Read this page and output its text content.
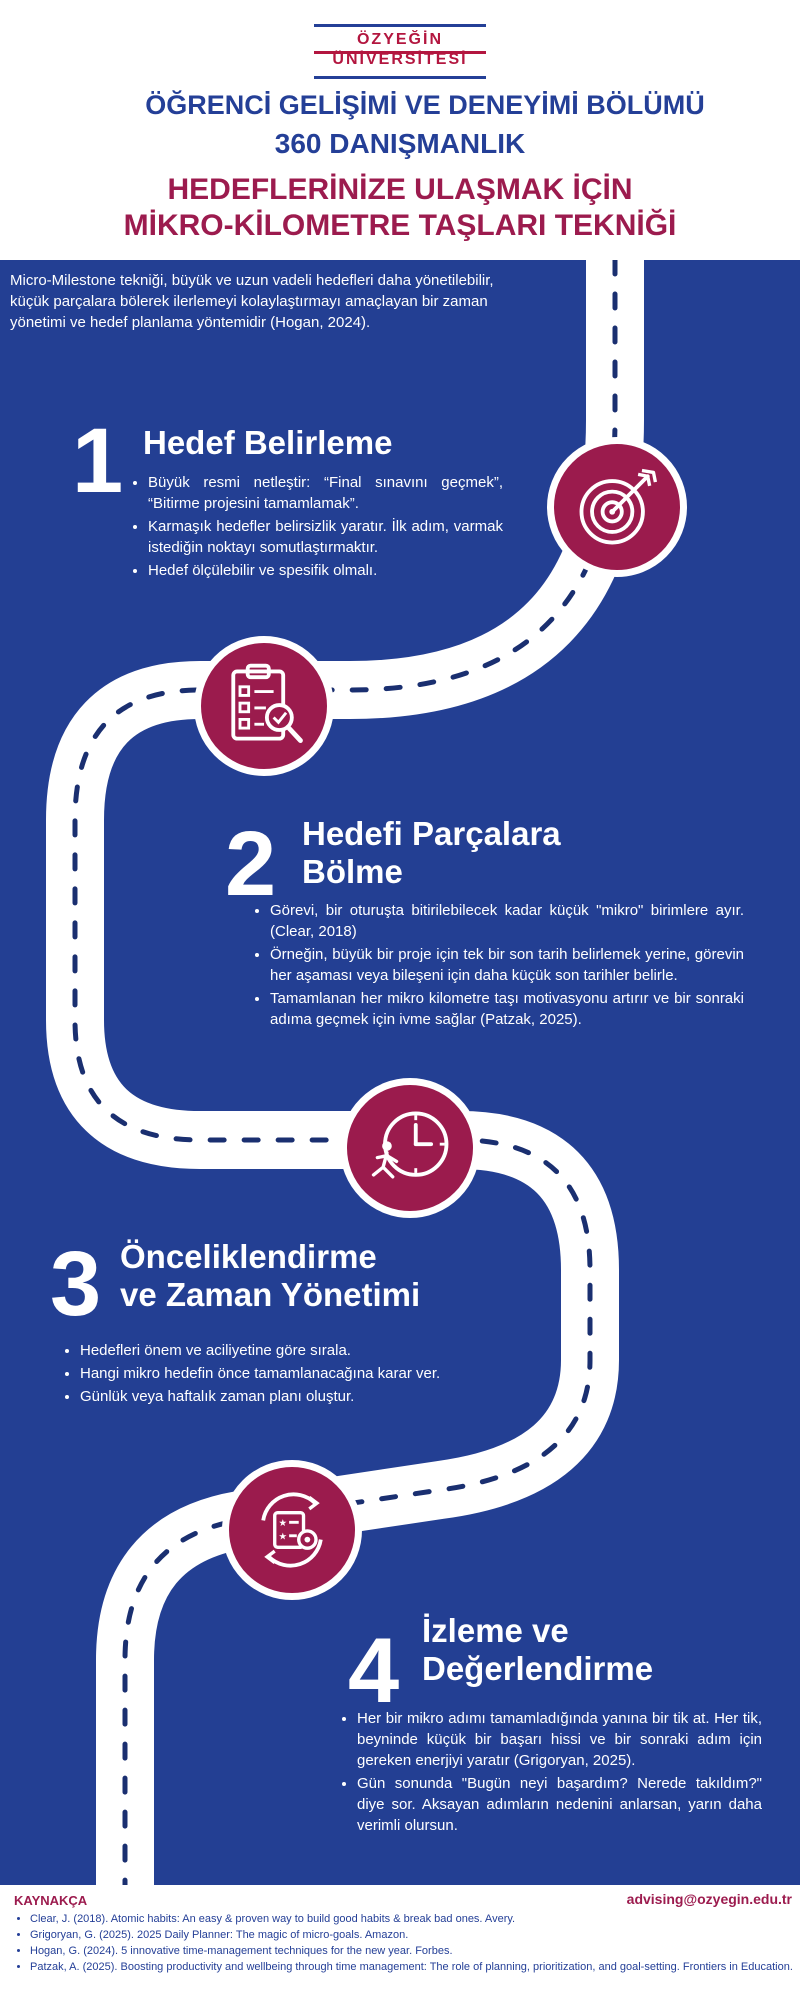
ÖZYEĞİN
ÜNİVERSİTESİ
ÖĞRENCİ GELİŞİMİ VE DENEYİMİ BÖLÜMÜ
360 DANIŞMANLIK
HEDEFLERİNİZE ULAŞMAK İÇİN
MİKRO-KİLOMETRE TAŞLARI TEKNİĞİ
Micro-Milestone tekniği, büyük ve uzun vadeli hedefleri daha yönetilebilir, küçük parçalara bölerek ilerlemeyi kolaylaştırmayı amaçlayan bir zaman yönetimi ve hedef planlama yöntemidir (Hogan, 2024).
1 Hedef Belirleme
• Büyük resmi netleştir: “Final sınavını geçmek”, “Bitirme projesini tamamlamak”.
• Karmaşık hedefler belirsizlik yaratır. İlk adım, varmak istediğin noktayı somutlaştırmaktır.
• Hedef ölçülebilir ve spesifik olmalı.
2 Hedefi Parçalara
Bölme
• Görevi, bir oturuşta bitirilebilecek kadar küçük "mikro" birimlere ayır. (Clear, 2018)
• Örneğin, büyük bir proje için tek bir son tarih belirlemek yerine, görevin her aşaması veya bileşeni için daha küçük son tarihler belirle.
• Tamamlanan her mikro kilometre taşı motivasyonu artırır ve bir sonraki adıma geçmek için ivme sağlar (Patzak, 2025).
3 Önceliklendirme
ve Zaman Yönetimi
• Hedefleri önem ve aciliyetine göre sırala.
• Hangi mikro hedefin önce tamamlanacağına karar ver.
• Günlük veya haftalık zaman planı oluştur.
★
★
4 İzleme ve
Değerlendirme
• Her bir mikro adımı tamamladığında yanına bir tik at. Her tik, beyninde küçük bir başarı hissi ve bir sonraki adım için gereken enerjiyi yaratır (Grigoryan, 2025).
• Gün sonunda "Bugün neyi başardım? Nerede takıldım?" diye sor. Aksayan adımların nedenini anlarsan, yarın daha verimli olursun.
KAYNAKÇA	advising@ozyegin.edu.tr
• Clear, J. (2018). Atomic habits: An easy & proven way to build good habits & break bad ones. Avery.
• Grigoryan, G. (2025). 2025 Daily Planner: The magic of micro-goals. Amazon.
• Hogan, G. (2024). 5 innovative time-management techniques for the new year. Forbes.
• Patzak, A. (2025). Boosting productivity and wellbeing through time management: The role of planning, prioritization, and goal-setting. Frontiers in Education.
